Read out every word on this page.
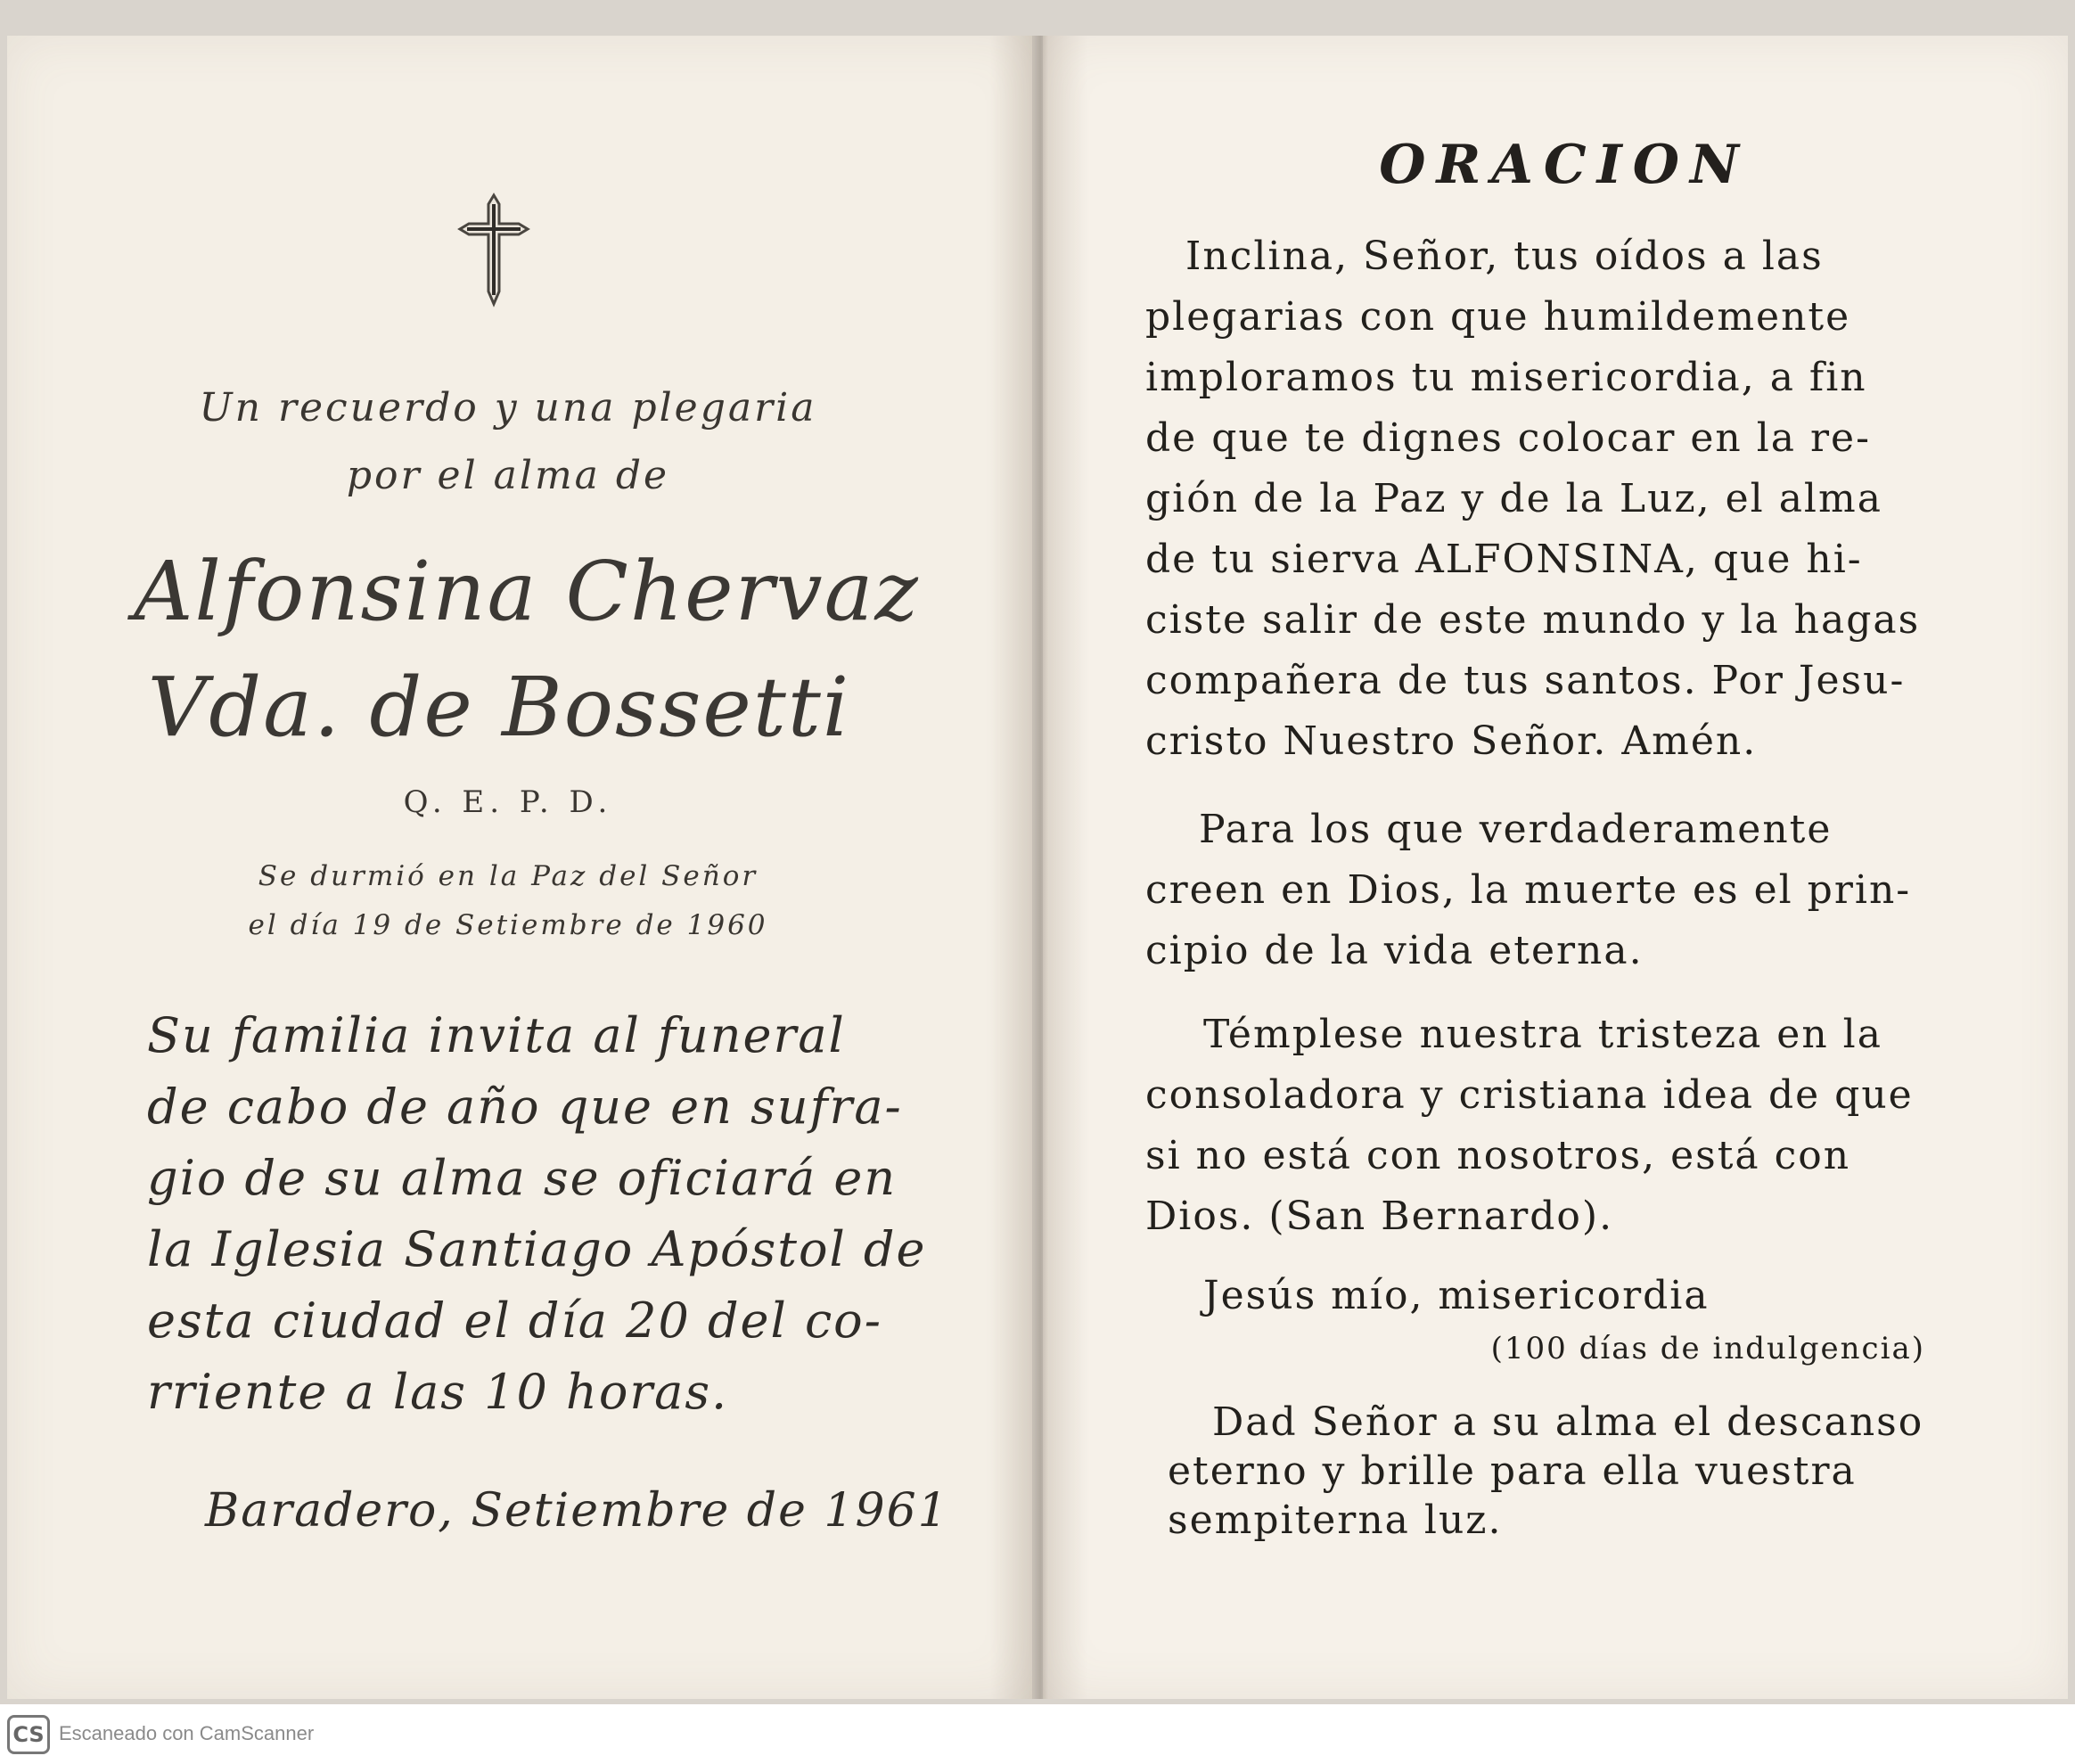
Un recuerdo y una plegaria
por el alma de
Alfonsina Chervaz
Vda. de Bossetti
Q. E. P. D.
Se durmió en la Paz del Señor
el día 19 de Setiembre de 1960
Su familia invita al funeral
de cabo de año que en sufra-
gio de su alma se oficiará en
la Iglesia Santiago Apóstol de
esta ciudad el día 20 del co-
rriente a las 10 horas.
Baradero, Setiembre de 1961
ORACION
Inclina, Señor, tus oídos a las
plegarias con que humildemente
imploramos tu misericordia, a fin
de que te dignes colocar en la re-
gión de la Paz y de la Luz, el alma
de tu sierva ALFONSINA, que hi-
ciste salir de este mundo y la hagas
compañera de tus santos. Por Jesu-
cristo Nuestro Señor. Amén.
Para los que verdaderamente
creen en Dios, la muerte es el prin-
cipio de la vida eterna.
Témplese nuestra tristeza en la
consoladora y cristiana idea de que
si no está con nosotros, está con
Dios. (San Bernardo).
Jesús mío, misericordia
(100 días de indulgencia)
Dad Señor a su alma el descanso
eterno y brille para ella vuestra
sempiterna luz.
CS Escaneado con CamScanner
